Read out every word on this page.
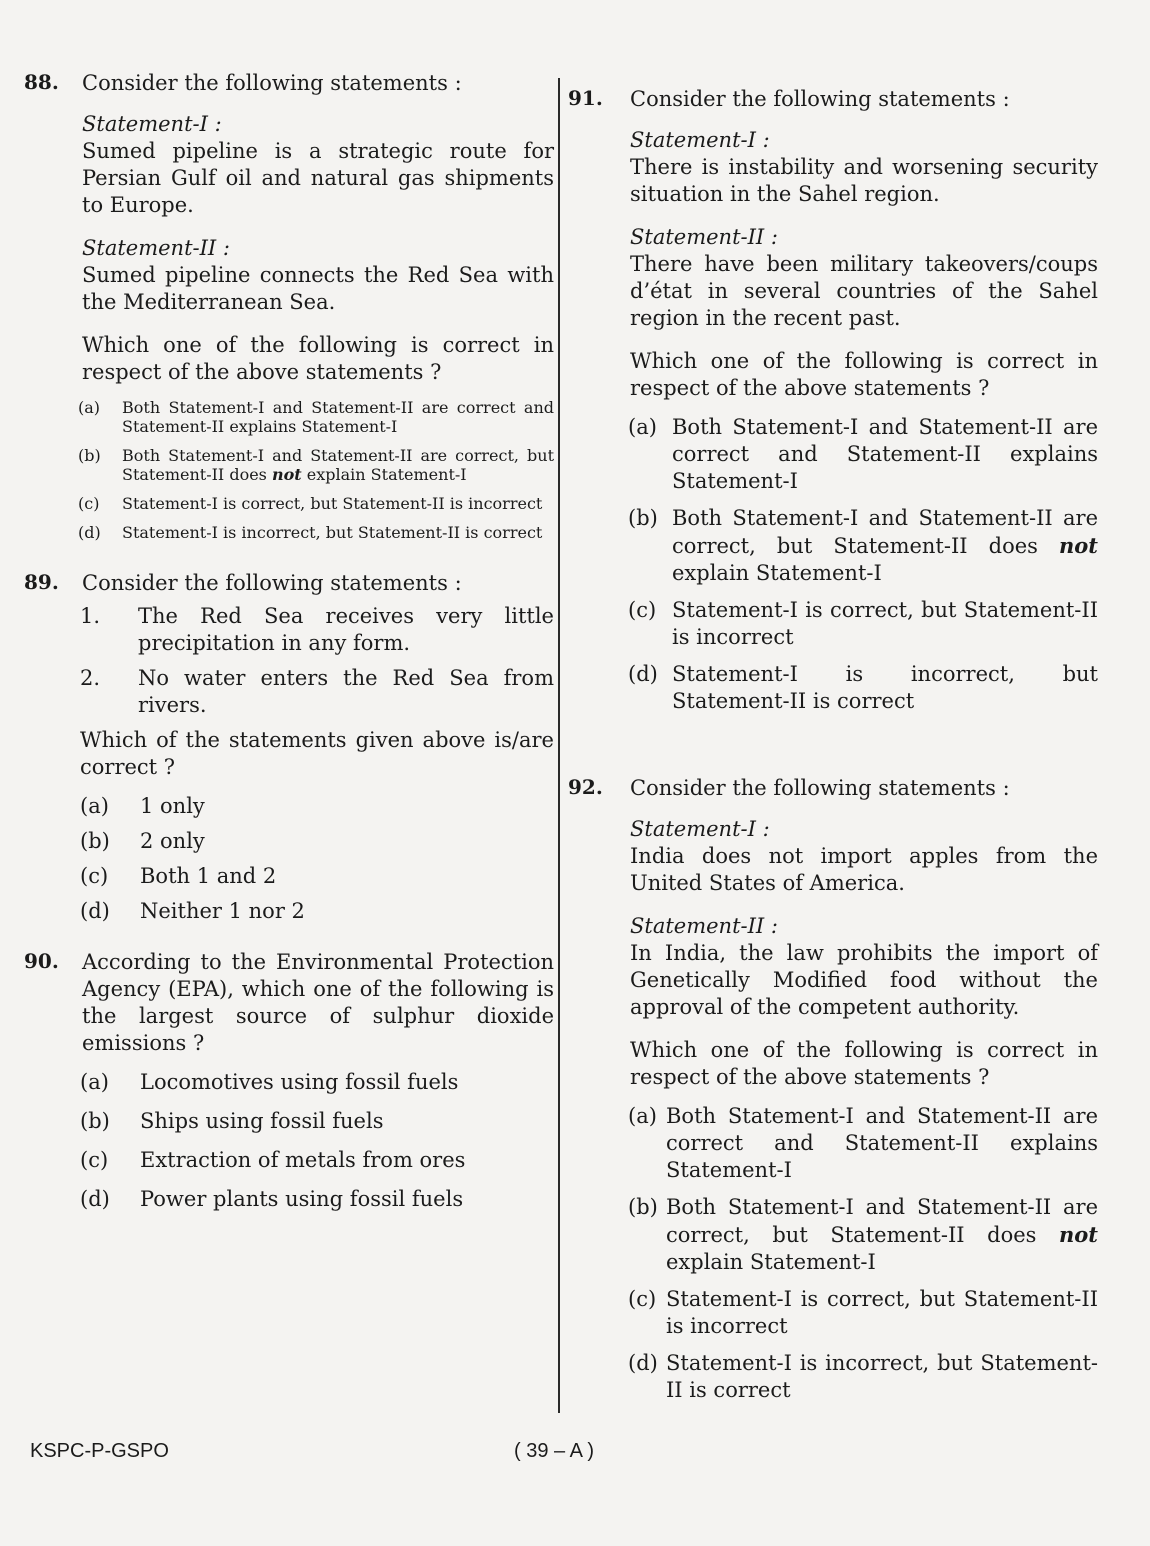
88. Consider the following statements :
Statement-I :
Sumed pipeline is a strategic route for Persian Gulf oil and natural gas shipments to Europe.
Statement-II :
Sumed pipeline connects the Red Sea with the Mediterranean Sea.
Which one of the following is correct in respect of the above statements ?
(a)	Both Statement-I and Statement-II are correct and Statement-II explains Statement-I
(b)	Both Statement-I and Statement-II are correct, but Statement-II does not explain Statement-I
(c)	Statement-I is correct, but Statement-II is incorrect
(d)	Statement-I is incorrect, but Statement-II is correct
89. Consider the following statements :
1.	The Red Sea receives very little precipitation in any form.
2.	No water enters the Red Sea from rivers.
Which of the statements given above is/are correct ?
(a)	1 only
(b)	2 only
(c)	Both 1 and 2
(d)	Neither 1 nor 2
90. According to the Environmental Protection Agency (EPA), which one of the following is the largest source of sulphur dioxide emissions ?
(a)	Locomotives using fossil fuels
(b)	Ships using fossil fuels
(c)	Extraction of metals from ores
(d)	Power plants using fossil fuels
91. Consider the following statements :
Statement-I :
There is instability and worsening security situation in the Sahel region.
Statement-II :
There have been military takeovers/coups d’état in several countries of the Sahel region in the recent past.
Which one of the following is correct in respect of the above statements ?
(a) Both Statement-I and Statement-II are correct and Statement-II explains Statement-I
(b) Both Statement-I and Statement-II are correct, but Statement-II does not explain Statement-I
(c) Statement-I is correct, but Statement-II is incorrect
(d) Statement-I is incorrect, but Statement-II is correct
92. Consider the following statements :
Statement-I :
India does not import apples from the United States of America.
Statement-II :
In India, the law prohibits the import of Genetically Modified food without the approval of the competent authority.
Which one of the following is correct in respect of the above statements ?
(a) Both Statement-I and Statement-II are correct and Statement-II explains Statement-I
(b) Both Statement-I and Statement-II are correct, but Statement-II does not explain Statement-I
(c) Statement-I is correct, but Statement-II is incorrect
(d) Statement-I is incorrect, but Statement-II is correct
KSPC-P-GSPO	( 39 – A )
